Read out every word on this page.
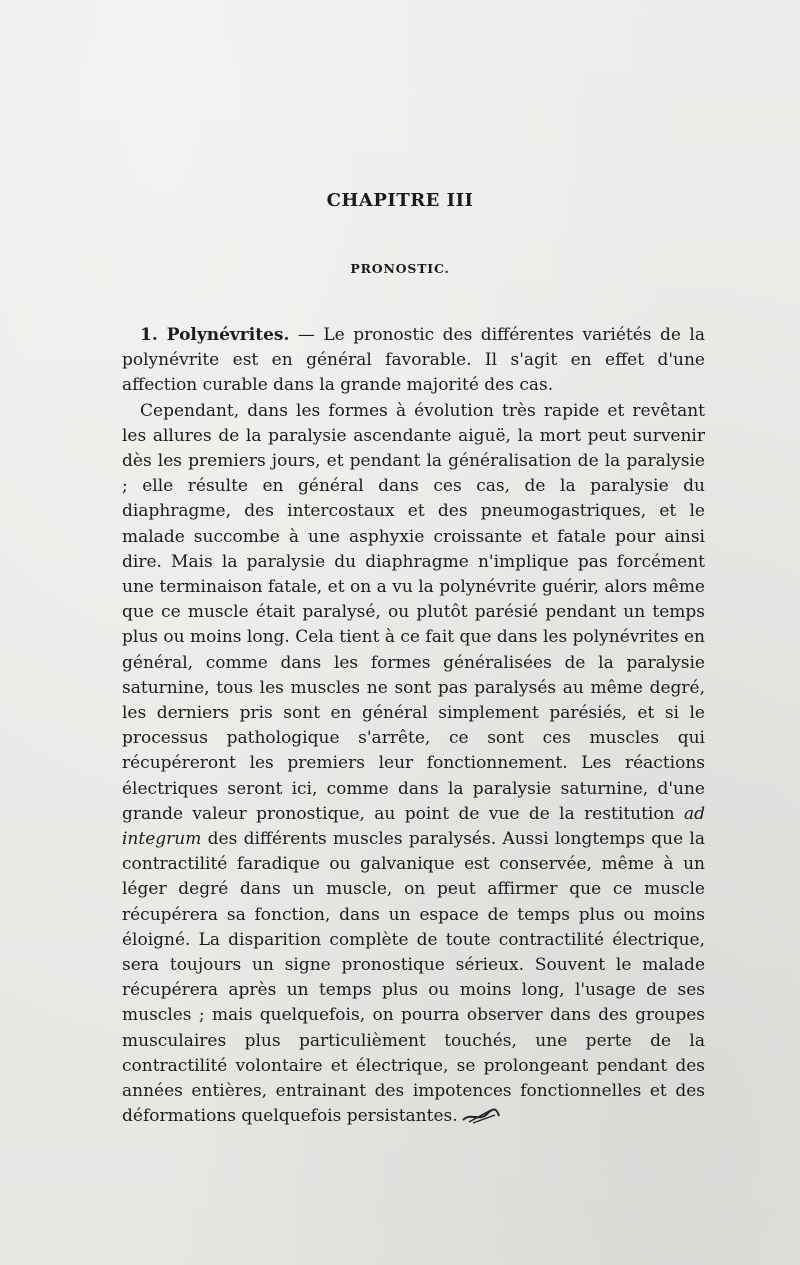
CHAPITRE III
PRONOSTIC.

1. Polynévrites. — Le pronostic des différentes variétés de la polynévrite est en général favorable. Il s'agit en effet d'une affection curable dans la grande majorité des cas.

Cependant, dans les formes à évolution très rapide et revêtant les allures de la paralysie ascendante aiguë, la mort peut survenir dès les premiers jours, et pendant la généralisation de la paralysie ; elle résulte en général dans ces cas, de la paralysie du diaphragme, des intercostaux et des pneumogastriques, et le malade succombe à une asphyxie croissante et fatale pour ainsi dire. Mais la paralysie du diaphragme n'implique pas forcément une terminaison fatale, et on a vu la polynévrite guérir, alors même que ce muscle était paralysé, ou plutôt parésié pendant un temps plus ou moins long. Cela tient à ce fait que dans les polynévrites en général, comme dans les formes généralisées de la paralysie saturnine, tous les muscles ne sont pas paralysés au même degré, les derniers pris sont en général simplement parésiés, et si le processus pathologique s'arrête, ce sont ces muscles qui récupéreront les premiers leur fonctionnement. Les réactions électriques seront ici, comme dans la paralysie saturnine, d'une grande valeur pronostique, au point de vue de la restitution ad integrum des différents muscles paralysés. Aussi longtemps que la contractilité faradique ou galvanique est conservée, même à un léger degré dans un muscle, on peut affirmer que ce muscle récupérera sa fonction, dans un espace de temps plus ou moins éloigné. La disparition complète de toute contractilité électrique, sera toujours un signe pronostique sérieux. Souvent le malade récupérera après un temps plus ou moins long, l'usage de ses muscles ; mais quelquefois, on pourra observer dans des groupes musculaires plus particulièment touchés, une perte de la contractilité volontaire et électrique, se prolongeant pendant des années entières, entrainant des impotences fonctionnelles et des déformations quelquefois persistantes.
